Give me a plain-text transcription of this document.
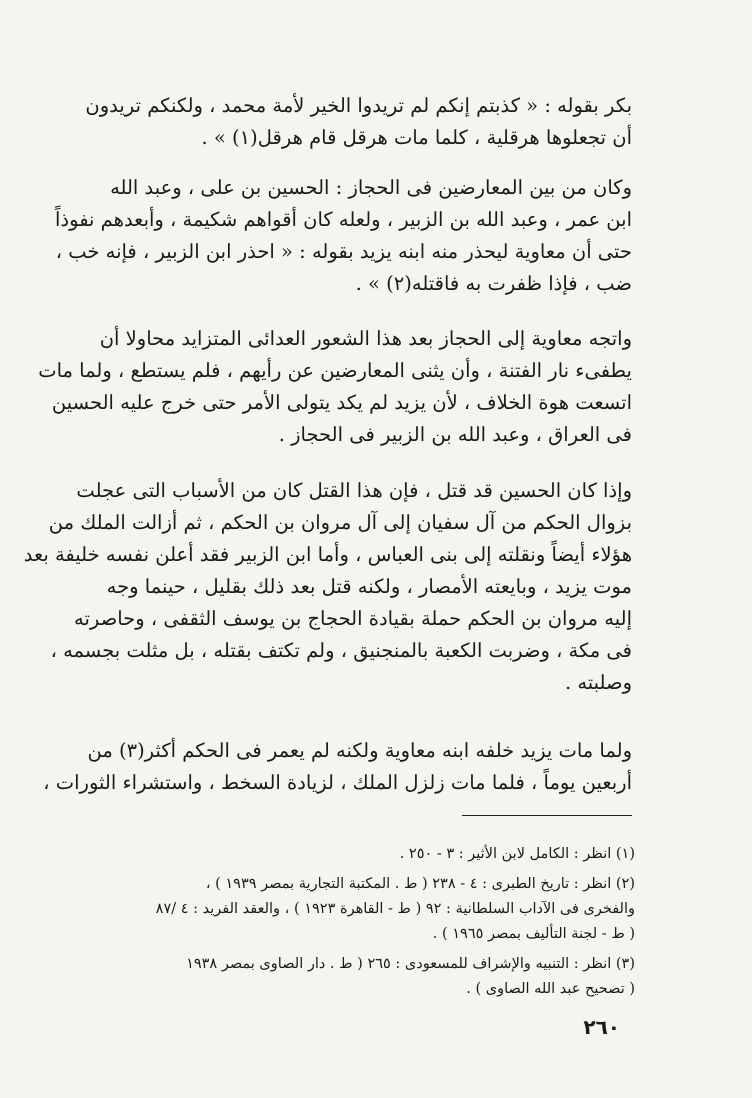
بكر بقوله : « كذبتم إنكم لم تريدوا الخير لأمة محمد ، ولكنكم تريدون
أن تجعلوها هرقلية ، كلما مات هرقل قام هرقل(١) » .

وكان من بين المعارضين فى الحجاز : الحسين بن على ، وعبد الله
ابن عمر ، وعبد الله بن الزبير ، ولعله كان أقواهم شكيمة ، وأبعدهم نفوذاً
حتى أن معاوية ليحذر منه ابنه يزيد بقوله : « احذر ابن الزبير ، فإنه خب ،
ضب ، فإذا ظفرت به فاقتله(٢) » .

واتجه معاوية إلى الحجاز بعد هذا الشعور العدائى المتزايد محاولا أن
يطفىء نار الفتنة ، وأن يثنى المعارضين عن رأيهم ، فلم يستطع ، ولما مات
اتسعت هوة الخلاف ، لأن يزيد لم يكد يتولى الأمر حتى خرج عليه الحسين
فى العراق ، وعبد الله بن الزبير فى الحجاز .

وإذا كان الحسين قد قتل ، فإن هذا القتل كان من الأسباب التى عجلت
بزوال الحكم من آل سفيان إلى آل مروان بن الحكم ، ثم أزالت الملك من
هؤلاء أيضاً ونقلته إلى بنى العباس ، وأما ابن الزبير فقد أعلن نفسه خليفة بعد
موت يزيد ، وبايعته الأمصار ، ولكنه قتل بعد ذلك بقليل ، حينما وجه
إليه مروان بن الحكم حملة بقيادة الحجاج بن يوسف الثقفى ، وحاصرته
فى مكة ، وضربت الكعبة بالمنجنيق ، ولم تكتف بقتله ، بل مثلت بجسمه ،
وصلبته .

ولما مات يزيد خلفه ابنه معاوية ولكنه لم يعمر فى الحكم أكثر(٣) من
أربعين يوماً ، فلما مات زلزل الملك ، لزيادة السخط ، واستشراء الثورات ،

(١) انظر : الكامل لابن الأثير : ٣ - ٢٥٠ .

(٢) انظر : تاريخ الطبرى : ٤ - ٢٣٨ ( ط . المكتبة التجارية بمصر ١٩٣٩ ) ،
والفخرى فى الآداب السلطانية : ٩٢ ( ط - القاهرة ١٩٢٣ ) ، والعقد الفريد : ٤ /٨٧
( ط - لجنة التأليف بمصر ١٩٦٥ ) .

(٣) انظر : التنبيه والإشراف للمسعودى : ٢٦٥ ( ط . دار الصاوى بمصر ١٩٣٨
( تصحيح عبد الله الصاوى ) .

٢٦٠
